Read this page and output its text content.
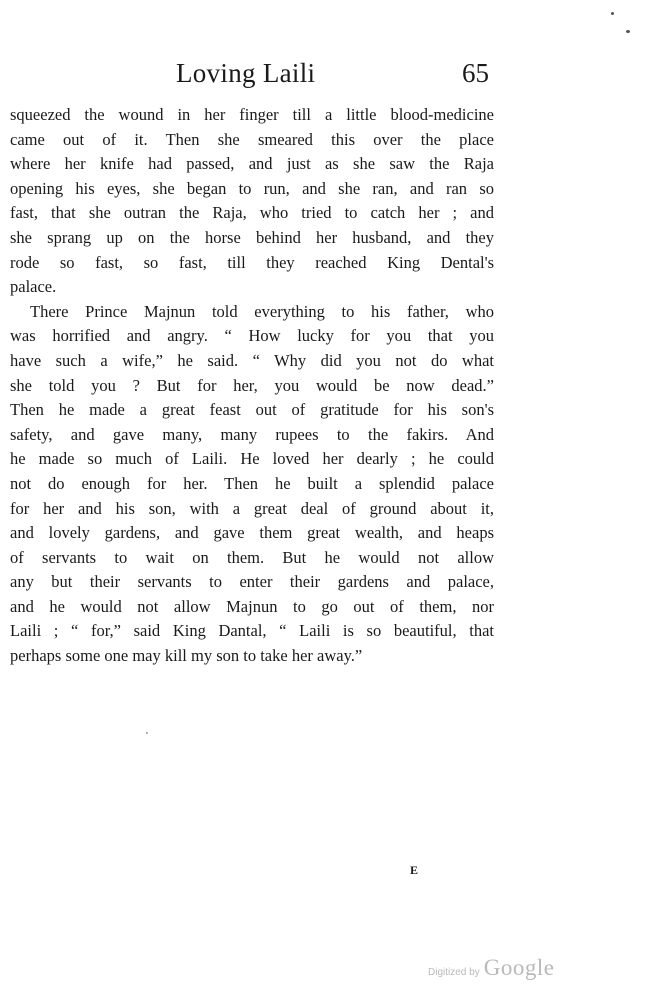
Loving Laili	65
squeezed the wound in her finger till a little blood-medicine
came out of it. Then she smeared this over the place
where her knife had passed, and just as she saw the Raja
opening his eyes, she began to run, and she ran, and ran so
fast, that she outran the Raja, who tried to catch her ; and
she sprang up on the horse behind her husband, and they
rode so fast, so fast, till they reached King Dental's
palace.
There Prince Majnun told everything to his father, who
was horrified and angry. “ How lucky for you that you
have such a wife,” he said. “ Why did you not do what
she told you ? But for her, you would be now dead.”
Then he made a great feast out of gratitude for his son's
safety, and gave many, many rupees to the fakirs. And
he made so much of Laili. He loved her dearly ; he could
not do enough for her. Then he built a splendid palace
for her and his son, with a great deal of ground about it,
and lovely gardens, and gave them great wealth, and heaps
of servants to wait on them. But he would not allow
any but their servants to enter their gardens and palace,
and he would not allow Majnun to go out of them, nor
Laili ; “ for,” said King Dantal, “ Laili is so beautiful, that
perhaps some one may kill my son to take her away.”
E
Digitized by Google
